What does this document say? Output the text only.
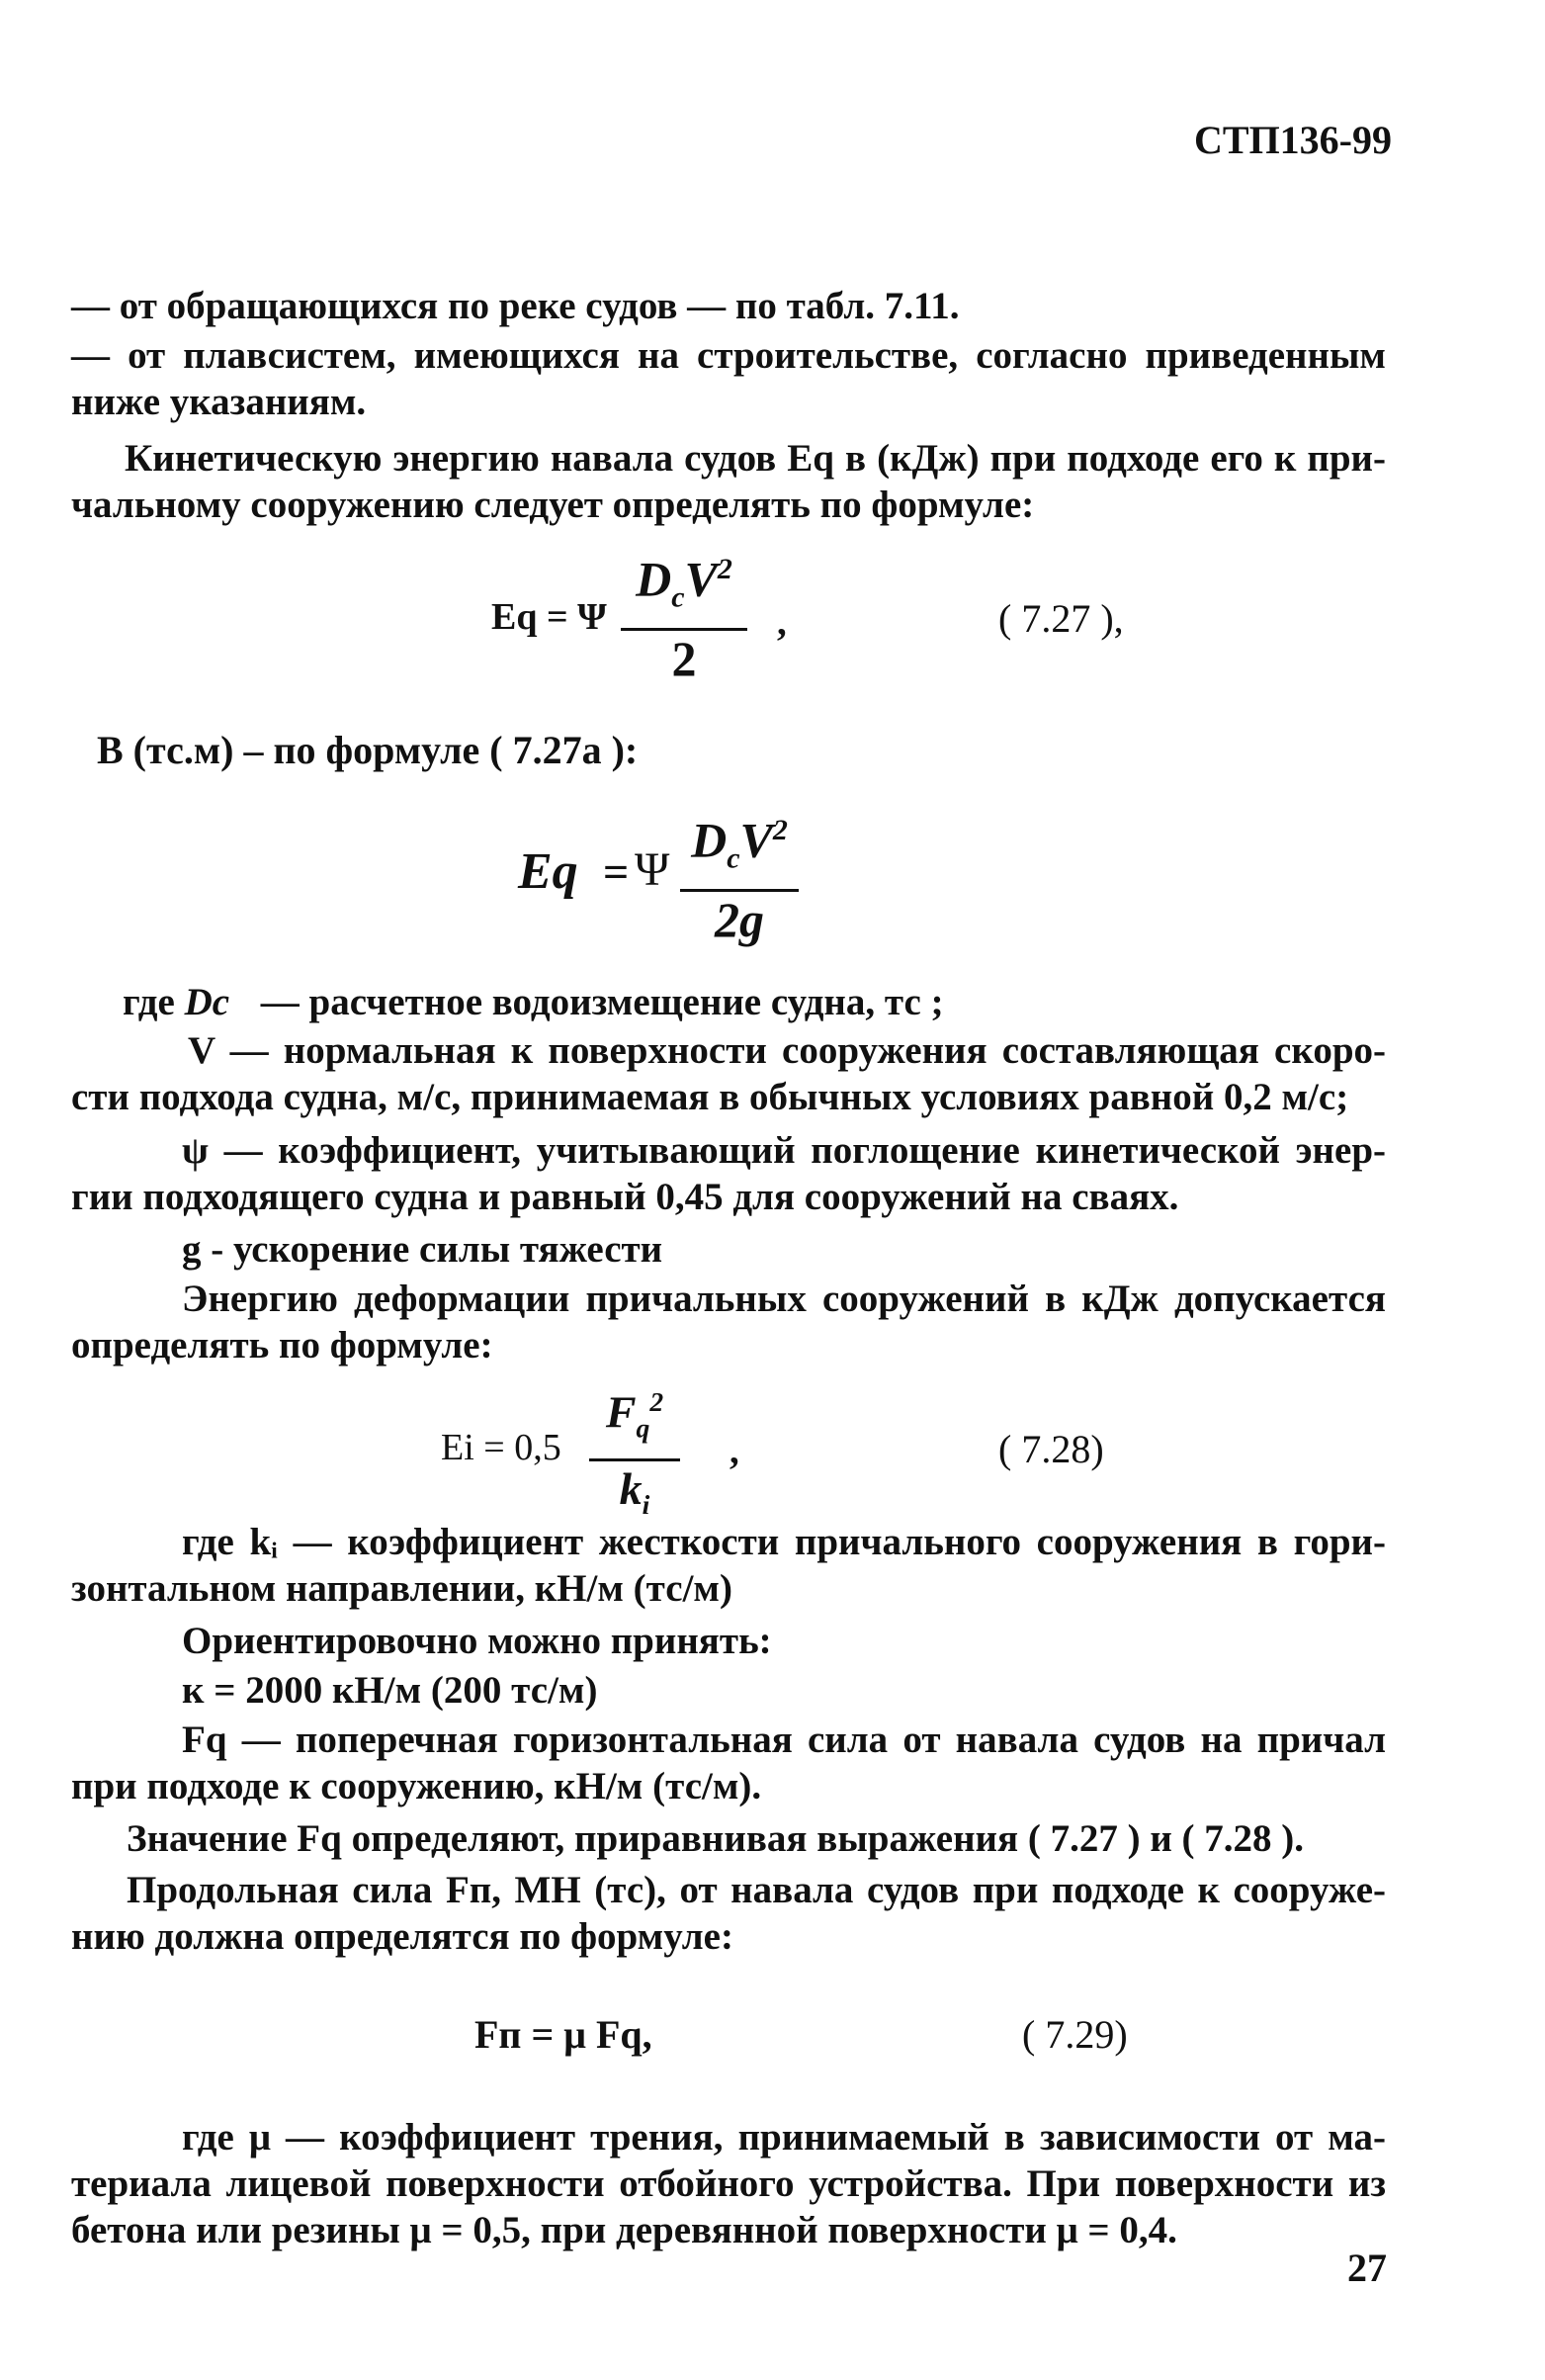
СТП136-99
— от обращающихся по реке судов — по табл. 7.11.
— от плавсистем, имеющихся на строительстве, согласно приведенным
ниже указаниям.
Кинетическую энергию навала судов Eq в (кДж) при подходе его к при-
чальному сооружению следует определять по формуле:
Eq = Ψ
$D_cV^2$
2
,	( 7.27 ),
В (тс.м) – по формуле ( 7.27а ):
Eq = Ψ
$D_cV^2$
2g
где Dc — расчетное водоизмещение судна, тс ;
V — нормальная к поверхности сооружения составляющая скоро-
сти подхода судна, м/с, принимаемая в обычных условиях равной 0,2 м/с;
ψ — коэффициент, учитывающий поглощение кинетической энер-
гии подходящего судна и равный 0,45 для сооружений на сваях.
g - ускорение силы тяжести
Энергию деформации причальных сооружений в кДж допускается
определять по формуле:
Ei = 0,5
$F_q^2$
$k_i$
,	( 7.28)
где kᵢ — коэффициент жесткости причального сооружения в гори-
зонтальном направлении, кН/м (тс/м)
Ориентировочно можно принять:
к = 2000 кН/м (200 тс/м)
Fq — поперечная горизонтальная сила от навала судов на причал
при подходе к сооружению, кН/м (тс/м).
Значение Fq определяют, приравнивая выражения ( 7.27 ) и ( 7.28 ).
Продольная сила Fп, МН (тс), от навала судов при подходе к сооруже-
нию должна определятся по формуле:
Fп = μ Fq,	( 7.29)
где μ — коэффициент трения, принимаемый в зависимости от ма-
териала лицевой поверхности отбойного устройства. При поверхности из
бетона или резины μ = 0,5, при деревянной поверхности μ = 0,4.
27
